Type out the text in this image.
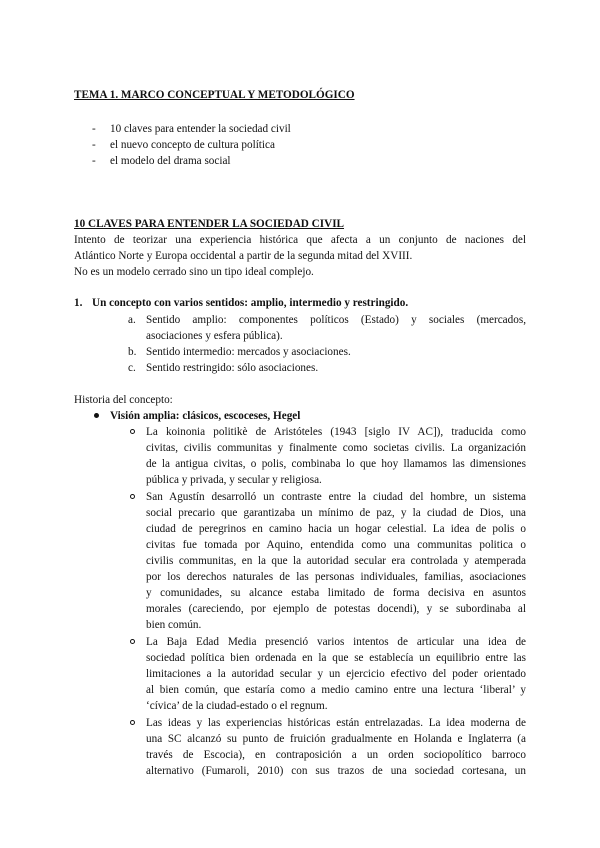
TEMA 1. MARCO CONCEPTUAL Y METODOLÓGICO
- 10 claves para entender la sociedad civil
- el nuevo concepto de cultura política
- el modelo del drama social
10 CLAVES PARA ENTENDER LA SOCIEDAD CIVIL
Intento de teorizar una experiencia histórica que afecta a un conjunto de naciones del
Atlántico Norte y Europa occidental a partir de la segunda mitad del XVIII.
No es un modelo cerrado sino un tipo ideal complejo.
1. Un concepto con varios sentidos: amplio, intermedio y restringido.
a. Sentido amplio: componentes políticos (Estado) y sociales (mercados,
asociaciones y esfera pública).
b. Sentido intermedio: mercados y asociaciones.
c. Sentido restringido: sólo asociaciones.
Historia del concepto:
Visión amplia: clásicos, escoceses, Hegel
La koinonia politikè de Aristóteles (1943 [siglo IV AC]), traducida como
civitas, civilis communitas y finalmente como societas civilis. La organización
de la antigua civitas, o polis, combinaba lo que hoy llamamos las dimensiones
pública y privada, y secular y religiosa.
San Agustín desarrolló un contraste entre la ciudad del hombre, un sistema
social precario que garantizaba un mínimo de paz, y la ciudad de Dios, una
ciudad de peregrinos en camino hacia un hogar celestial. La idea de polis o
civitas fue tomada por Aquino, entendida como una communitas politica o
civilis communitas, en la que la autoridad secular era controlada y atemperada
por los derechos naturales de las personas individuales, familias, asociaciones
y comunidades, su alcance estaba limitado de forma decisiva en asuntos
morales (careciendo, por ejemplo de potestas docendi), y se subordinaba al
bien común.
La Baja Edad Media presenció varios intentos de articular una idea de
sociedad política bien ordenada en la que se establecía un equilibrio entre las
limitaciones a la autoridad secular y un ejercicio efectivo del poder orientado
al bien común, que estaría como a medio camino entre una lectura ‘liberal’ y
‘cívica’ de la ciudad-estado o el regnum.
Las ideas y las experiencias históricas están entrelazadas. La idea moderna de
una SC alcanzó su punto de fruición gradualmente en Holanda e Inglaterra (a
través de Escocia), en contraposición a un orden sociopolítico barroco
alternativo (Fumaroli, 2010) con sus trazos de una sociedad cortesana, un
